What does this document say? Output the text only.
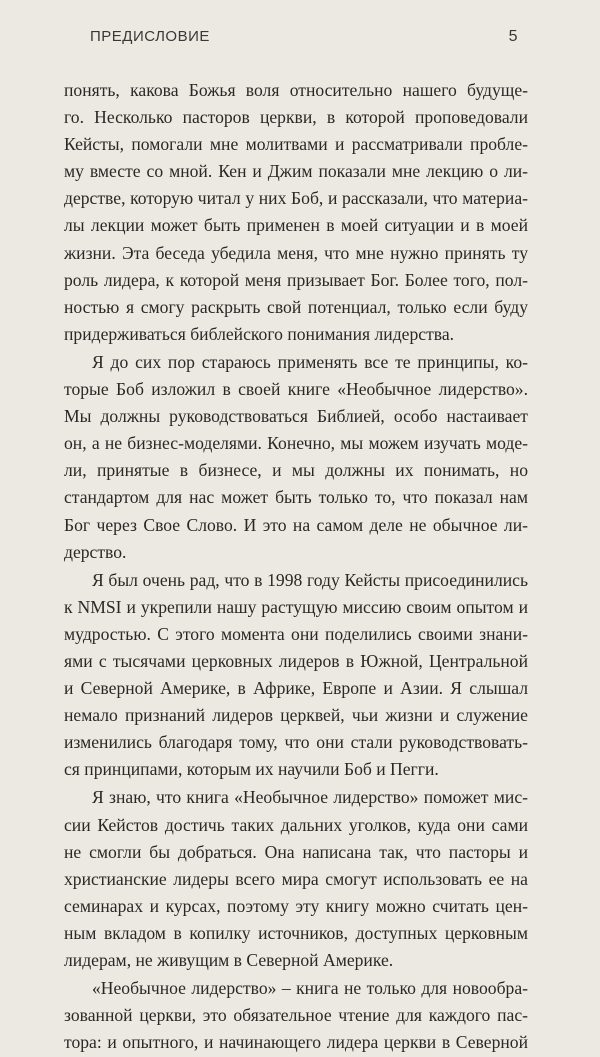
ПРЕДИСЛОВИЕ	5

понять, какова Божья воля относительно нашего будуще-
го. Несколько пасторов церкви, в которой проповедовали
Кейсты, помогали мне молитвами и рассматривали пробле-
му вместе со мной. Кен и Джим показали мне лекцию о ли-
дерстве, которую читал у них Боб, и рассказали, что материа-
лы лекции может быть применен в моей ситуации и в моей
жизни. Эта беседа убедила меня, что мне нужно принять ту
роль лидера, к которой меня призывает Бог. Более того, пол-
ностью я смогу раскрыть свой потенциал, только если буду
придерживаться библейского понимания лидерства.

Я до сих пор стараюсь применять все те принципы, ко-
торые Боб изложил в своей книге «Необычное лидерство».
Мы должны руководствоваться Библией, особо настаивает
он, а не бизнес-моделями. Конечно, мы можем изучать моде-
ли, принятые в бизнесе, и мы должны их понимать, но
стандартом для нас может быть только то, что показал нам
Бог через Свое Слово. И это на самом деле не обычное ли-
дерство.

Я был очень рад, что в 1998 году Кейсты присоединились
к NMSI и укрепили нашу растущую миссию своим опытом и
мудростью. С этого момента они поделились своими знани-
ями с тысячами церковных лидеров в Южной, Центральной
и Северной Америке, в Африке, Европе и Азии. Я слышал
немало признаний лидеров церквей, чьи жизни и служение
изменились благодаря тому, что они стали руководствовать-
ся принципами, которым их научили Боб и Пегги.

Я знаю, что книга «Необычное лидерство» поможет мис-
сии Кейстов достичь таких дальних уголков, куда они сами
не смогли бы добраться. Она написана так, что пасторы и
христианские лидеры всего мира смогут использовать ее на
семинарах и курсах, поэтому эту книгу можно считать цен-
ным вкладом в копилку источников, доступных церковным
лидерам, не живущим в Северной Америке.

«Необычное лидерство» – книга не только для новообра-
зованной церкви, это обязательное чтение для каждого пас-
тора: и опытного, и начинающего лидера церкви в Северной
